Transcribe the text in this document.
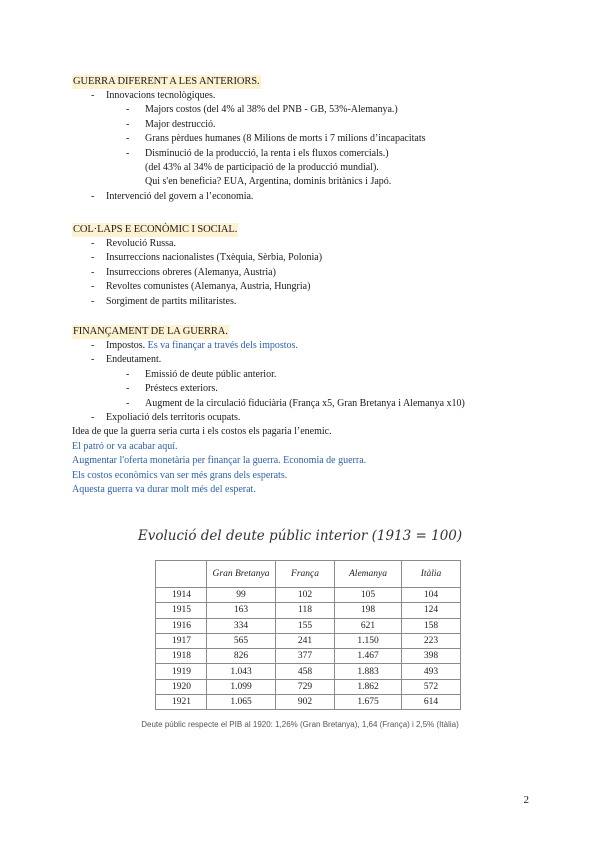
GUERRA DIFERENT A LES ANTERIORS.
- Innovacions tecnològiques.
- Majors costos (del 4% al 38% del PNB - GB, 53%-Alemanya.)
- Major destrucció.
- Grans pèrdues humanes (8 Milions de morts i 7 milions d’incapacitats
- Disminució de la producció, la renta i els fluxos comercials.)
(del 43% al 34% de participació de la producció mundial).
Qui s'en beneficia? EUA, Argentina, dominis britànics i Japó.
- Intervenció del govern a l’economia.
COL·LAPS E ECONÒMIC I SOCIAL.
- Revolució Russa.
- Insurreccions nacionalistes (Txèquia, Sèrbia, Polonia)
- Insurreccions obreres (Alemanya, Austria)
- Revoltes comunistes (Alemanya, Austria, Hungria)
- Sorgiment de partits militaristes.
FINANÇAMENT DE LA GUERRA.
- Impostos. Es va finançar a través dels impostos.
- Endeutament.
- Emissió de deute públic anterior.
- Préstecs exteriors.
- Augment de la circulació fiduciària (França x5, Gran Bretanya i Alemanya x10)
- Expoliació dels territoris ocupats.
Idea de que la guerra seria curta i els costos els pagaria l’enemic.
El patró or va acabar aquí.
Augmentar l'oferta monetària per finançar la guerra. Economia de guerra.
Els costos econòmics van ser més grans dels esperats.
Aquesta guerra va durar molt més del esperat.
Evolució del deute públic interior (1913 = 100)
	Gran Bretanya	França	Alemanya	Itàlia
1914	99	102	105	104
1915	163	118	198	124
1916	334	155	621	158
1917	565	241	1.150	223
1918	826	377	1.467	398
1919	1.043	458	1.883	493
1920	1.099	729	1.862	572
1921	1.065	902	1.675	614
Deute públic respecte el PIB al 1920: 1,26% (Gran Bretanya), 1,64 (França) i 2,5% (Itàlia)
2
